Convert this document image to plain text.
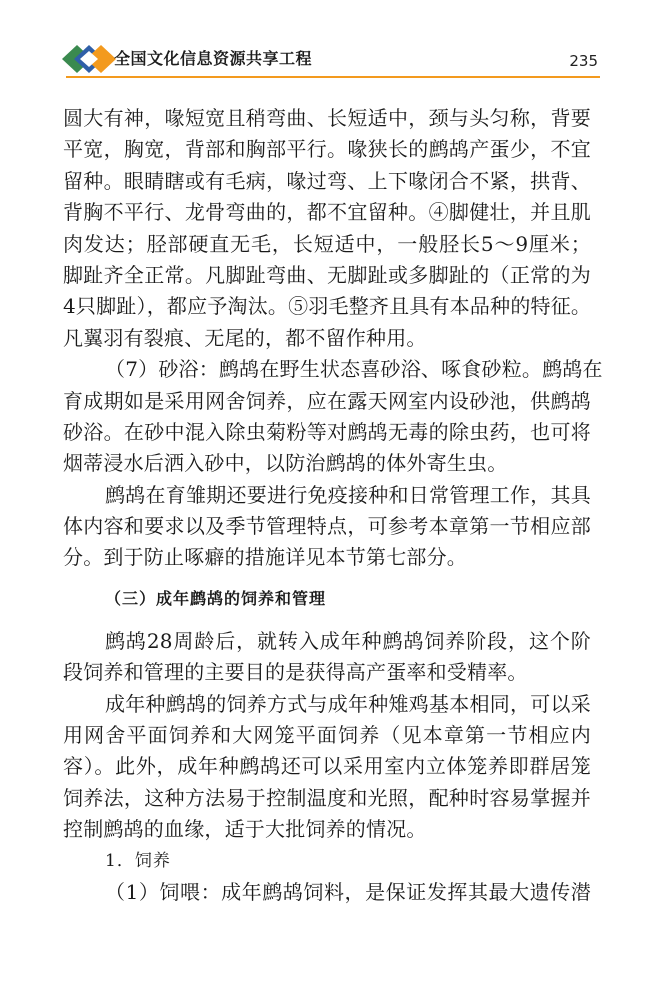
全国文化信息资源共享工程	235
圆大有神，喙短宽且稍弯曲、长短适中，颈与头匀称，背要
平宽，胸宽，背部和胸部平行。喙狭长的鹧鸪产蛋少，不宜
留种。眼睛瞎或有毛病，喙过弯、上下喙闭合不紧，拱背、
背胸不平行、龙骨弯曲的，都不宜留种。④脚健壮，并且肌
肉发达；胫部硬直无毛，长短适中，一般胫长5～9厘米；
脚趾齐全正常。凡脚趾弯曲、无脚趾或多脚趾的（正常的为
4只脚趾），都应予淘汰。⑤羽毛整齐且具有本品种的特征。
凡翼羽有裂痕、无尾的，都不留作种用。
（7）砂浴：鹧鸪在野生状态喜砂浴、啄食砂粒。鹧鸪在
育成期如是采用网舍饲养，应在露天网室内设砂池，供鹧鸪
砂浴。在砂中混入除虫菊粉等对鹧鸪无毒的除虫药，也可将
烟蒂浸水后洒入砂中，以防治鹧鸪的体外寄生虫。
鹧鸪在育雏期还要进行免疫接种和日常管理工作，其具
体内容和要求以及季节管理特点，可参考本章第一节相应部
分。到于防止啄癖的措施详见本节第七部分。
（三）成年鹧鸪的饲养和管理
鹧鸪28周龄后，就转入成年种鹧鸪饲养阶段，这个阶
段饲养和管理的主要目的是获得高产蛋率和受精率。
成年种鹧鸪的饲养方式与成年种雉鸡基本相同，可以采
用网舍平面饲养和大网笼平面饲养（见本章第一节相应内
容）。此外，成年种鹧鸪还可以采用室内立体笼养即群居笼
饲养法，这种方法易于控制温度和光照，配种时容易掌握并
控制鹧鸪的血缘，适于大批饲养的情况。
1．饲养
（1）饲喂：成年鹧鸪饲料，是保证发挥其最大遗传潜
